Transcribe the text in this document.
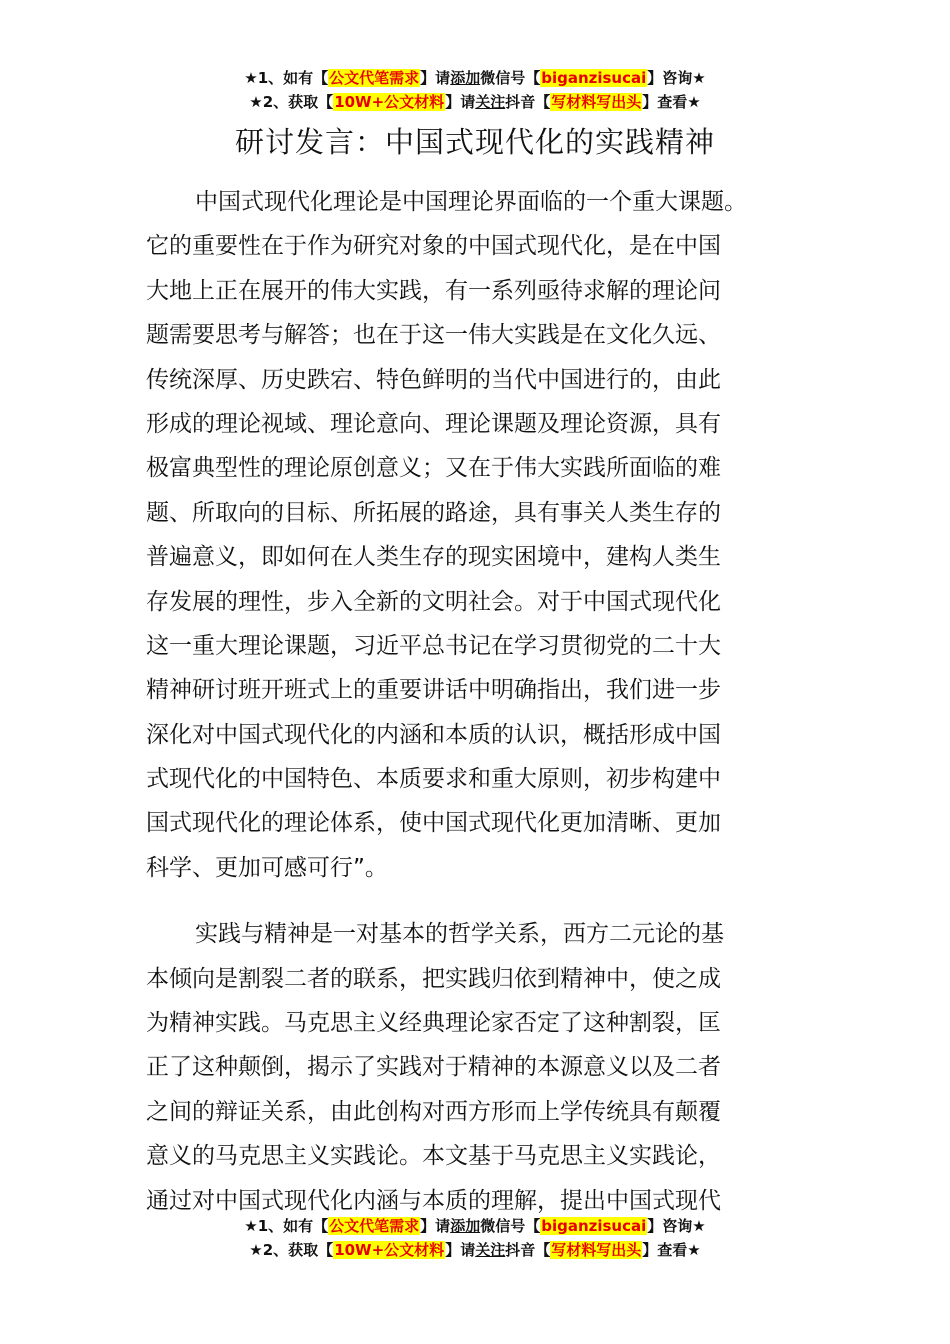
★1、如有【公文代笔需求】请添加微信号【biganzisucai】咨询★
★2、获取【10W+公文材料】请关注抖音【写材料写出头】查看★
研讨发言：中国式现代化的实践精神
中国式现代化理论是中国理论界面临的一个重大课题。
它的重要性在于作为研究对象的中国式现代化，是在中国
大地上正在展开的伟大实践，有一系列亟待求解的理论问
题需要思考与解答；也在于这一伟大实践是在文化久远、
传统深厚、历史跌宕、特色鲜明的当代中国进行的，由此
形成的理论视域、理论意向、理论课题及理论资源，具有
极富典型性的理论原创意义；又在于伟大实践所面临的难
题、所取向的目标、所拓展的路途，具有事关人类生存的
普遍意义，即如何在人类生存的现实困境中，建构人类生
存发展的理性，步入全新的文明社会。对于中国式现代化
这一重大理论课题，习近平总书记在学习贯彻党的二十大
精神研讨班开班式上的重要讲话中明确指出，我们进一步
深化对中国式现代化的内涵和本质的认识，概括形成中国
式现代化的中国特色、本质要求和重大原则，初步构建中
国式现代化的理论体系，使中国式现代化更加清晰、更加
科学、更加可感可行”。
实践与精神是一对基本的哲学关系，西方二元论的基
本倾向是割裂二者的联系，把实践归依到精神中，使之成
为精神实践。马克思主义经典理论家否定了这种割裂，匡
正了这种颠倒，揭示了实践对于精神的本源意义以及二者
之间的辩证关系，由此创构对西方形而上学传统具有颠覆
意义的马克思主义实践论。本文基于马克思主义实践论，
通过对中国式现代化内涵与本质的理解，提出中国式现代
★1、如有【公文代笔需求】请添加微信号【biganzisucai】咨询★
★2、获取【10W+公文材料】请关注抖音【写材料写出头】查看★
